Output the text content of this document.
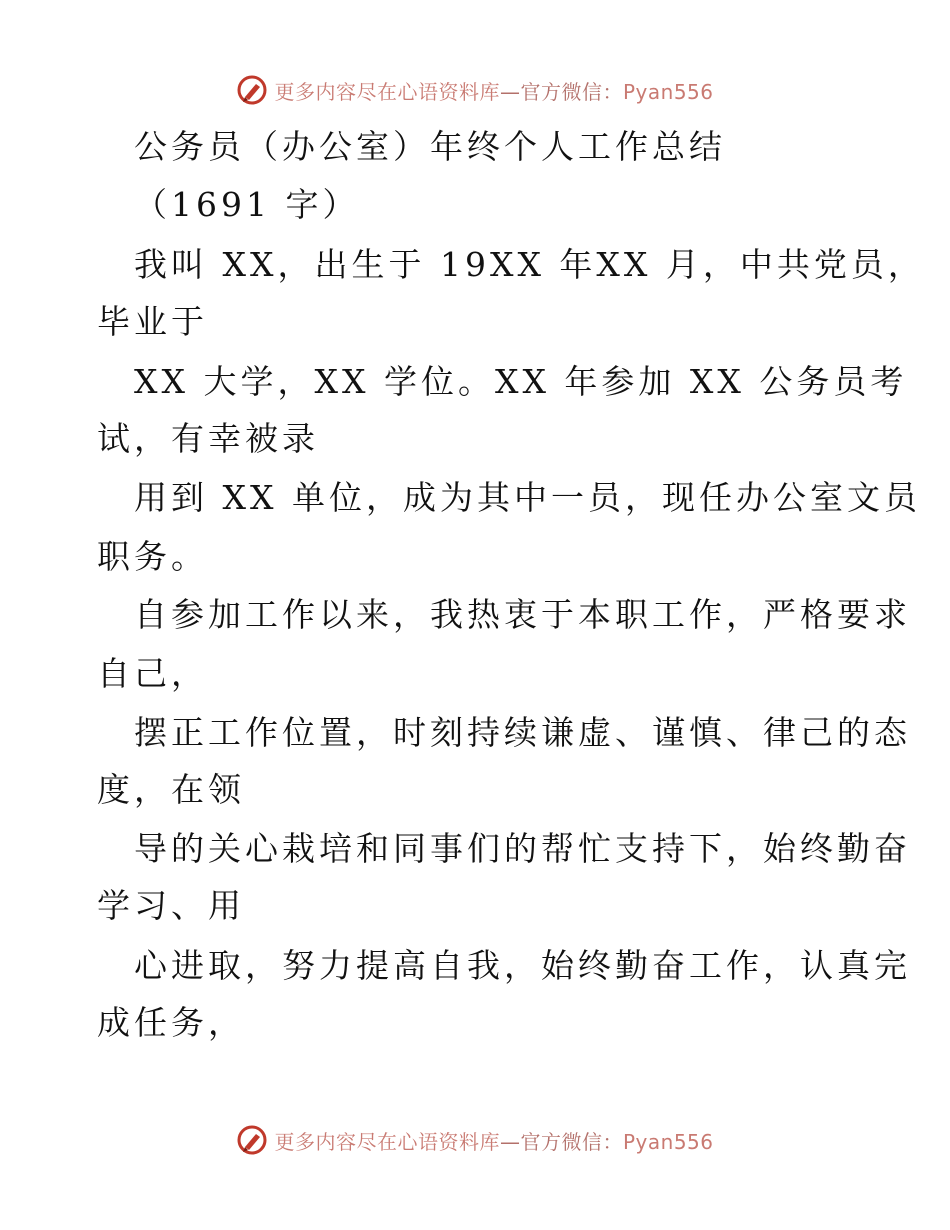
更多内容尽在心语资料库—官方微信：Pyan556
公务员（办公室）年终个人工作总结
（1691 字）
我叫 XX，出生于 19XX 年XX 月，中共党员，
毕业于
XX 大学，XX 学位。XX 年参加 XX 公务员考
试，有幸被录
用到 XX 单位，成为其中一员，现任办公室文员
职务。
自参加工作以来，我热衷于本职工作，严格要求
自己，
摆正工作位置，时刻持续谦虚、谨慎、律己的态
度，在领
导的关心栽培和同事们的帮忙支持下，始终勤奋
学习、用
心进取，努力提高自我，始终勤奋工作，认真完
成任务，
更多内容尽在心语资料库—官方微信：Pyan556
